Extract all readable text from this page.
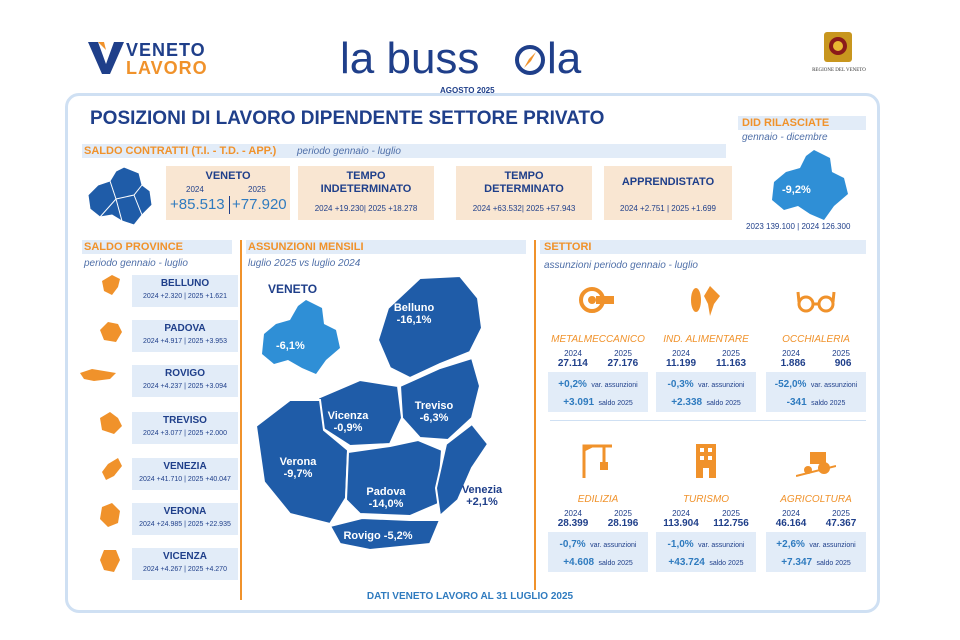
VENETO
LAVORO	la buss la
AGOSTO 2025
REGIONE DEL VENETO
POSIZIONI DI LAVORO DIPENDENTE SETTORE PRIVATO
SALDO CONTRATTI (T.I. - T.D. - APP.) periodo gennaio - luglio
VENETO
2024	2025
+85.513 +77.920
TEMPO
INDETERMINATO
2024 +19.230| 2025 +18.278
TEMPO
DETERMINATO
2024 +63.532| 2025 +57.943
APPRENDISTATO
2024 +2.751 | 2025 +1.699
DID RILASCIATE
gennaio - dicembre
-9,2%
2023 139.100 | 2024 126.300
SALDO PROVINCE
periodo gennaio - luglio
BELLUNO
2024 +2.320 | 2025 +1.621
PADOVA
2024 +4.917 | 2025 +3.953
ROVIGO
2024 +4.237 | 2025 +3.094
TREVISO
2024 +3.077 | 2025 +2.000
VENEZIA
2024 +41.710 | 2025 +40.047
VERONA
2024 +24.985 | 2025 +22.935
VICENZA
2024 +4.267 | 2025 +4.270
ASSUNZIONI MENSILI
luglio 2025 vs luglio 2024
VENETO
-6,1%
Belluno
-16,1%
Vicenza
-0,9%
Treviso
-6,3%
Verona
-9,7%
Padova
-14,0%
Venezia
+2,1%
Rovigo -5,2%
SETTORI
assunzioni periodo gennaio - luglio
METALMECCANICO
2024	2025
27.114 27.176
+0,2% var. assunzioni
+3.091 saldo 2025
IND. ALIMENTARE
2024	2025
11.199 11.163
-0,3% var. assunzioni
+2.338 saldo 2025
OCCHIALERIA
2024	2025
1.886	906
-52,0% var. assunzioni
-341 saldo 2025
EDILIZIA
2024	2025
28.399 28.196
-0,7% var. assunzioni
+4.608 saldo 2025
TURISMO
2024	2025
113.904 112.756
-1,0% var. assunzioni
+43.724 saldo 2025
AGRICOLTURA
2024	2025
46.164 47.367
+2,6% var. assunzioni
+7.347 saldo 2025
DATI VENETO LAVORO AL 31 LUGLIO 2025
